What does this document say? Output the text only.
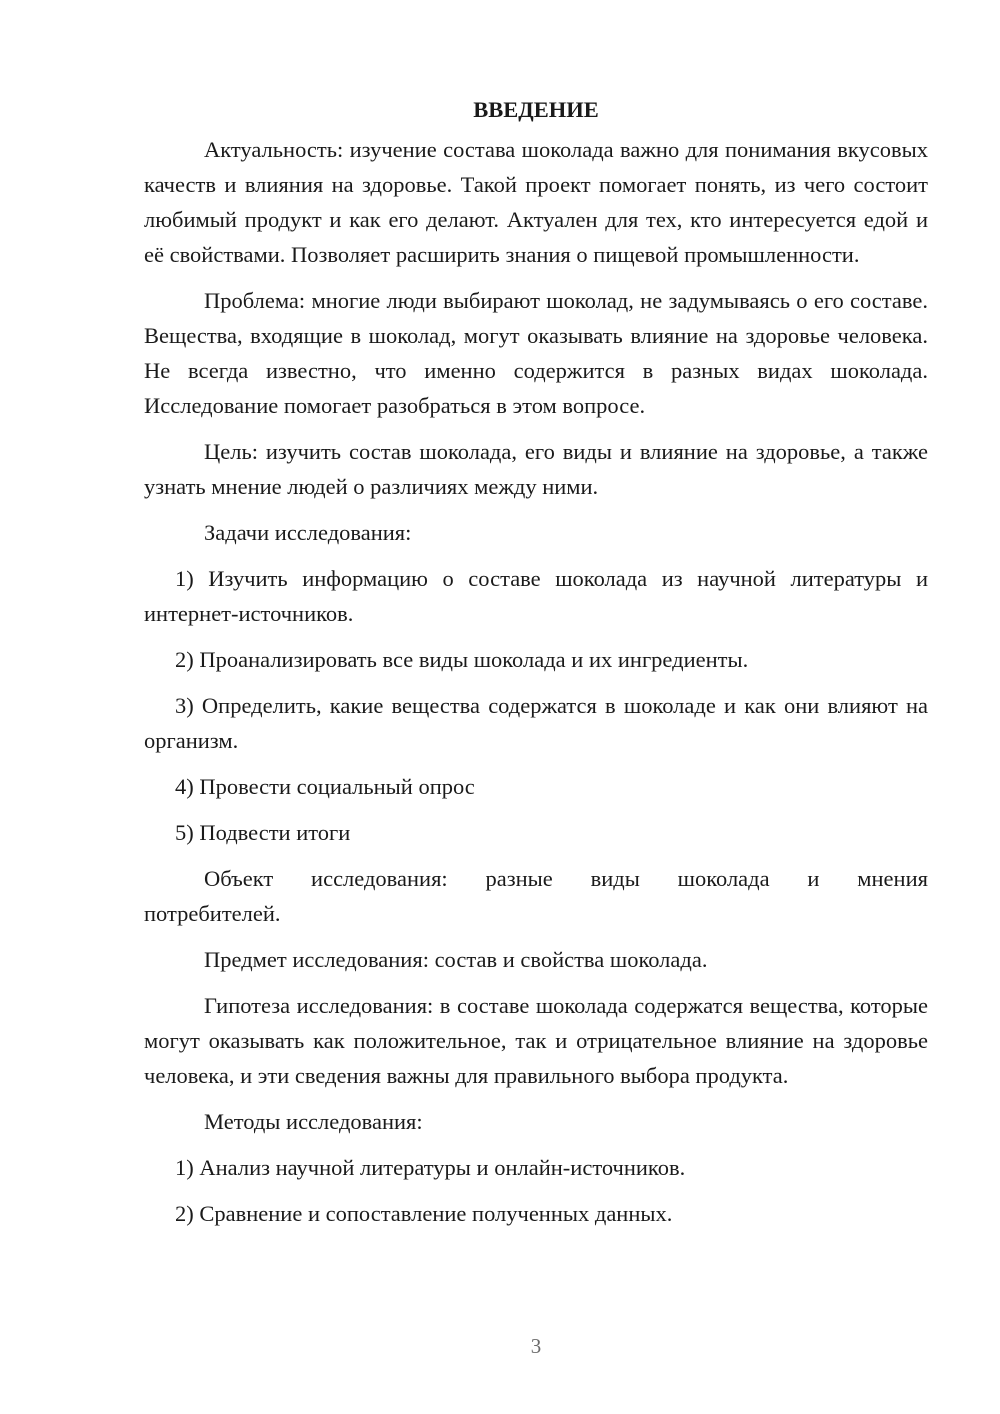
ВВЕДЕНИЕ

Актуальность: изучение состава шоколада важно для понимания вкусовых качеств и влияния на здоровье. Такой проект помогает понять, из чего состоит любимый продукт и как его делают. Актуален для тех, кто интересуется едой и её свойствами. Позволяет расширить знания о пищевой промышленности.

Проблема: многие люди выбирают шоколад, не задумываясь о его составе. Вещества, входящие в шоколад, могут оказывать влияние на здоровье человека. Не всегда известно, что именно содержится в разных видах шоколада. Исследование помогает разобраться в этом вопросе.

Цель: изучить состав шоколада, его виды и влияние на здоровье, а также узнать мнение людей о различиях между ними.

Задачи исследования:

1) Изучить информацию о составе шоколада из научной литературы и интернет-источников.

2) Проанализировать все виды шоколада и их ингредиенты.

3) Определить, какие вещества содержатся в шоколаде и как они влияют на организм.

4) Провести социальный опрос

5) Подвести итоги

Объект исследования: разные виды шоколада и мнения
потребителей.

Предмет исследования: состав и свойства шоколада.

Гипотеза исследования: в составе шоколада содержатся вещества, которые могут оказывать как положительное, так и отрицательное влияние на здоровье человека, и эти сведения важны для правильного выбора продукта.

Методы исследования:

1) Анализ научной литературы и онлайн-источников.

2) Сравнение и сопоставление полученных данных.

3
